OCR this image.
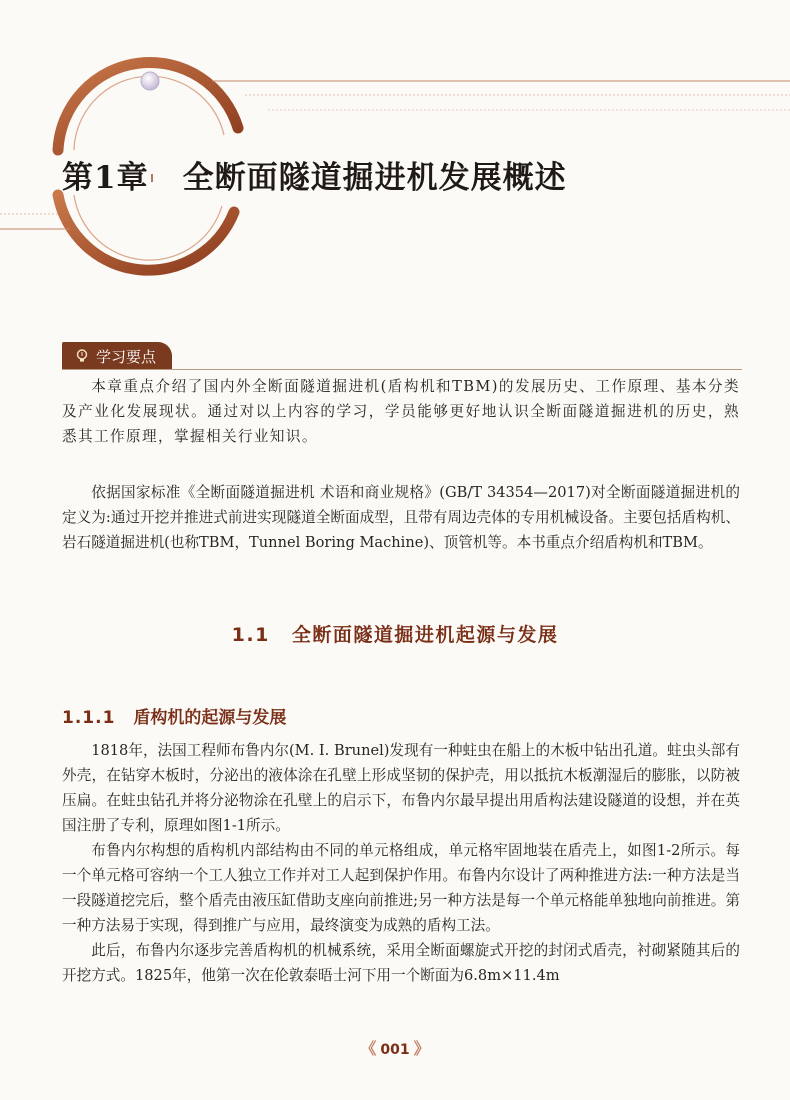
第1章 全断面隧道掘进机发展概述
学习要点

本章重点介绍了国内外全断面隧道掘进机(盾构机和TBM)的发展历史、工作原理、基本分类及产业化发展现状。通过对以上内容的学习，学员能够更好地认识全断面隧道掘进机的历史，熟悉其工作原理，掌握相关行业知识。

依据国家标准《全断面隧道掘进机 术语和商业规格》(GB/T 34354—2017)对全断面隧道掘进机的定义为:通过开挖并推进式前进实现隧道全断面成型，且带有周边壳体的专用机械设备。主要包括盾构机、岩石隧道掘进机(也称TBM，Tunnel Boring Machine)、顶管机等。本书重点介绍盾构机和TBM。

1.1 全断面隧道掘进机起源与发展
1.1.1 盾构机的起源与发展

1818年，法国工程师布鲁内尔(M. I. Brunel)发现有一种蛀虫在船上的木板中钻出孔道。蛀虫头部有外壳，在钻穿木板时，分泌出的液体涂在孔壁上形成坚韧的保护壳，用以抵抗木板潮湿后的膨胀，以防被压扁。在蛀虫钻孔并将分泌物涂在孔壁上的启示下，布鲁内尔最早提出用盾构法建设隧道的设想，并在英国注册了专利，原理如图1-1所示。

布鲁内尔构想的盾构机内部结构由不同的单元格组成，单元格牢固地装在盾壳上，如图1-2所示。每一个单元格可容纳一个工人独立工作并对工人起到保护作用。布鲁内尔设计了两种推进方法:一种方法是当一段隧道挖完后，整个盾壳由液压缸借助支座向前推进;另一种方法是每一个单元格能单独地向前推进。第一种方法易于实现，得到推广与应用，最终演变为成熟的盾构工法。

此后，布鲁内尔逐步完善盾构机的机械系统，采用全断面螺旋式开挖的封闭式盾壳，衬砌紧随其后的开挖方式。1825年，他第一次在伦敦泰晤士河下用一个断面为6.8m×11.4m

《 001 》
